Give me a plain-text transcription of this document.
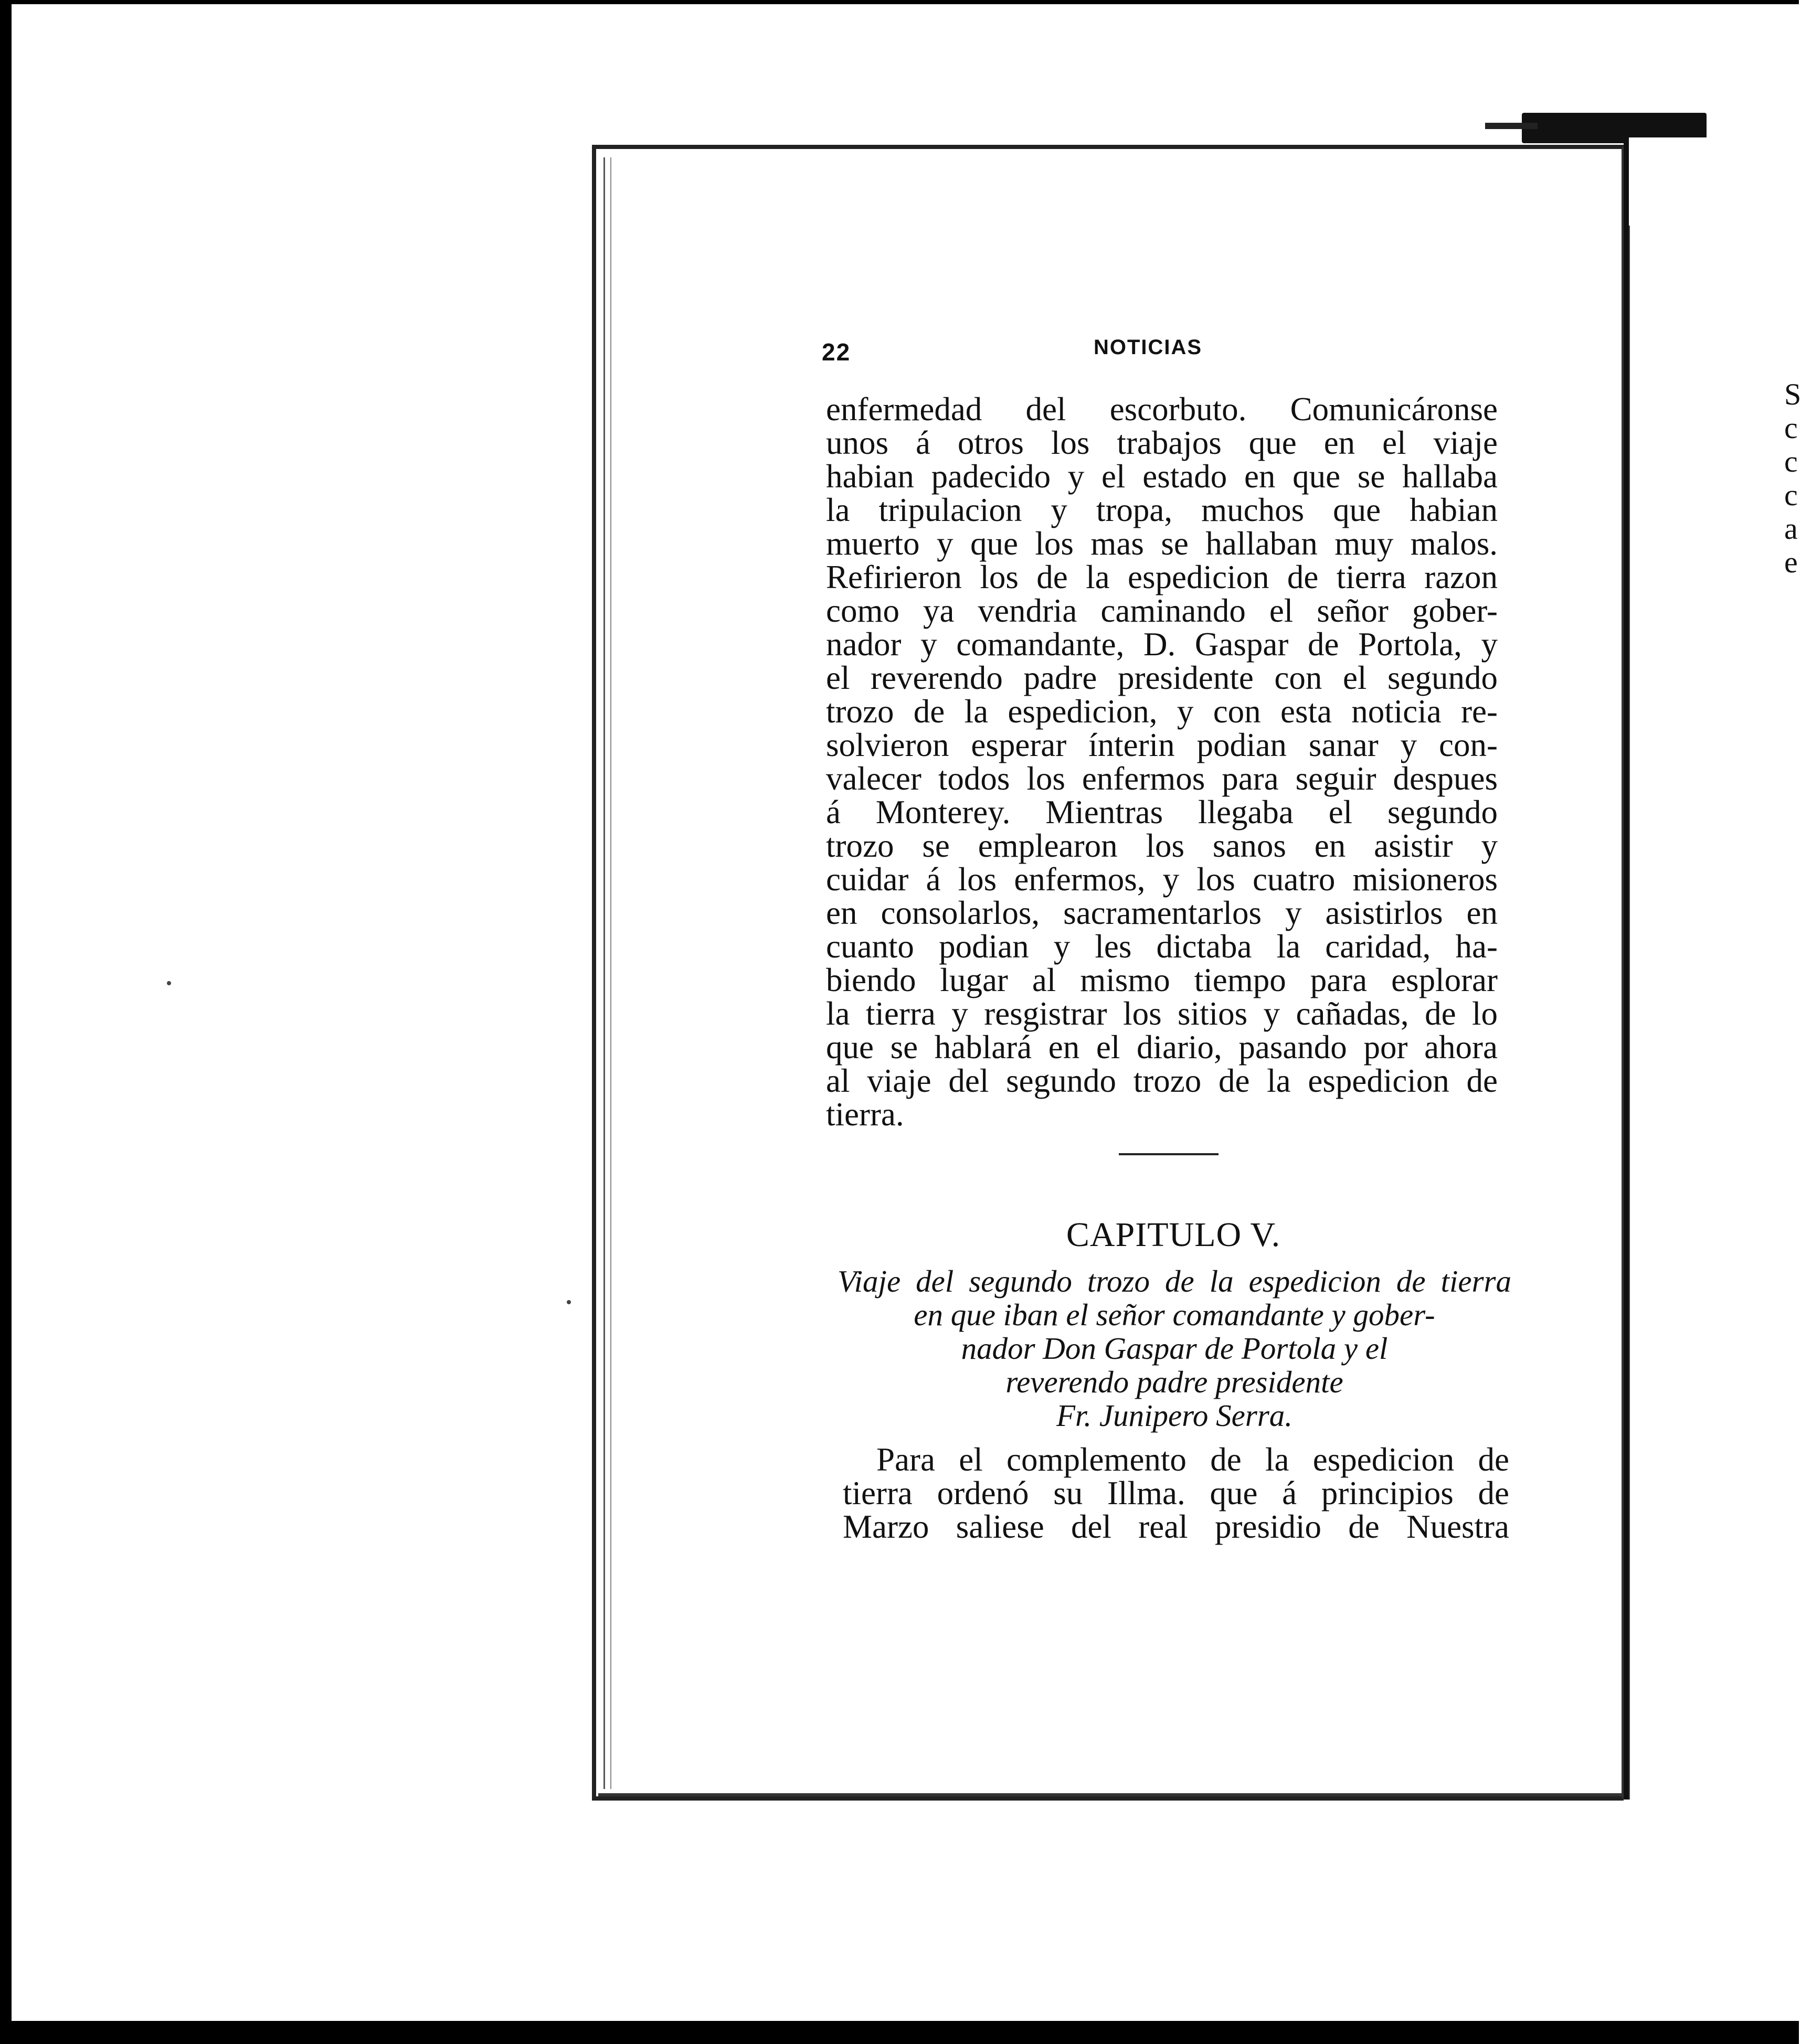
S
c
c
c
a
e
22	NOTICIAS
enfermedad del escorbuto. Comunicáronse
unos á otros los trabajos que en el viaje
habian padecido y el estado en que se hallaba
la tripulacion y tropa, muchos que habian
muerto y que los mas se hallaban muy malos.
Refirieron los de la espedicion de tierra razon
como ya vendria caminando el señor gober-
nador y comandante, D. Gaspar de Portola, y
el reverendo padre presidente con el segundo
trozo de la espedicion, y con esta noticia re-
solvieron esperar ínterin podian sanar y con-
valecer todos los enfermos para seguir despues
á Monterey. Mientras llegaba el segundo
trozo se emplearon los sanos en asistir y
cuidar á los enfermos, y los cuatro misioneros
en consolarlos, sacramentarlos y asistirlos en
cuanto podian y les dictaba la caridad, ha-
biendo lugar al mismo tiempo para esplorar
la tierra y resgistrar los sitios y cañadas, de lo
que se hablará en el diario, pasando por ahora
al viaje del segundo trozo de la espedicion de
tierra.
CAPITULO V.
Viaje del segundo trozo de la espedicion de tierra
en que iban el señor comandante y gober-
nador Don Gaspar de Portola y el
reverendo padre presidente
Fr. Junipero Serra.
Para el complemento de la espedicion de
tierra ordenó su Illma. que á principios de
Marzo saliese del real presidio de Nuestra
